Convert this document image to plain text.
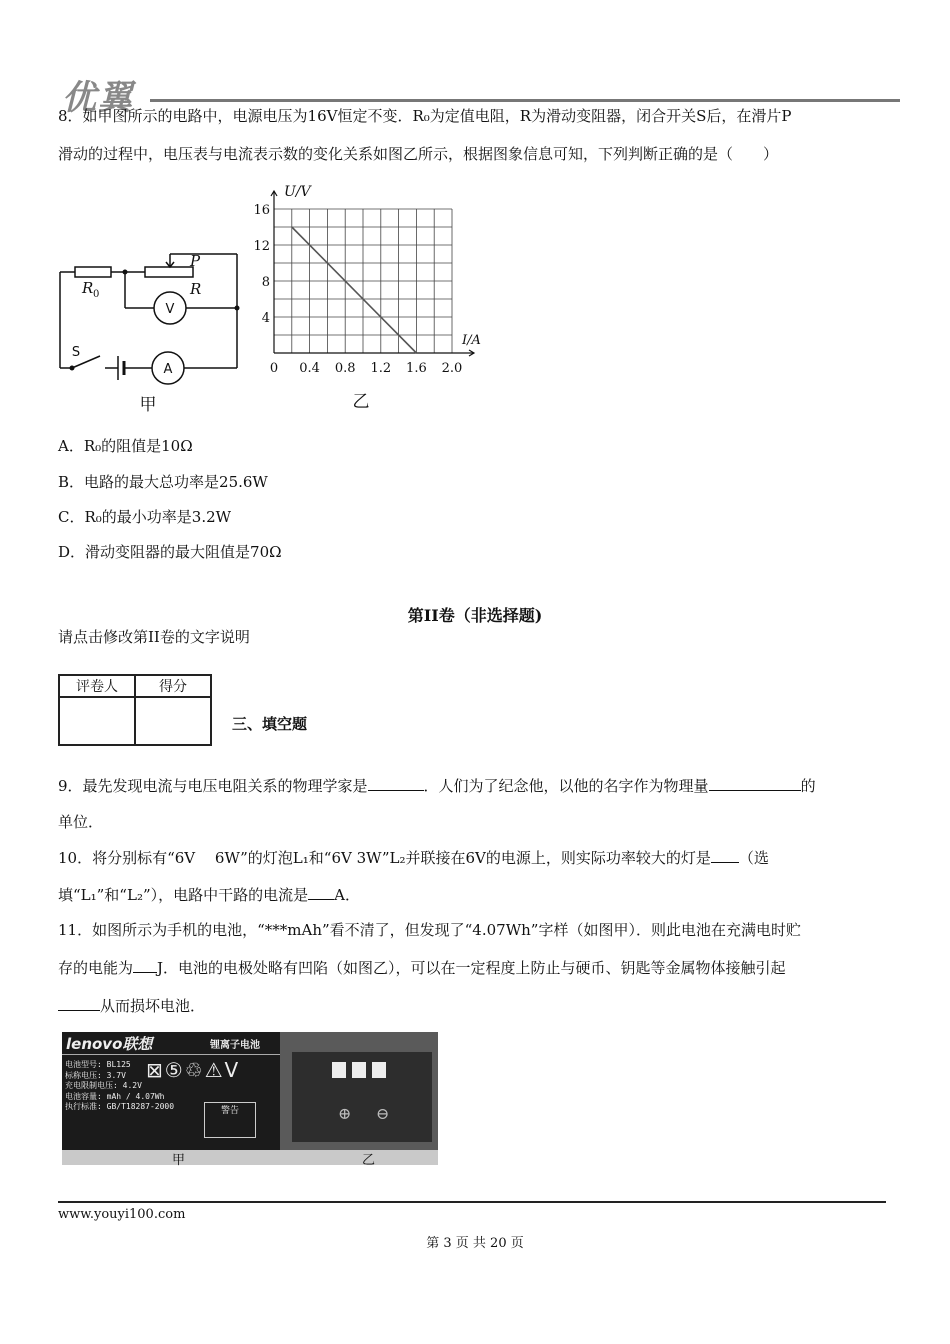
优翼
8．如甲图所示的电路中，电源电压为16V恒定不变．R₀为定值电阻，R为滑动变阻器，闭合开关S后，在滑片P
滑动的过程中，电压表与电流表示数的变化关系如图乙所示，根据图象信息可知，下列判断正确的是（　　）
R 0
P
R
V
A
S
甲
0 0.4 0.8 1.2 1.6 2.0
4
8
12
16
U/V
I/A
乙
A．R₀的阻值是10Ω
B．电路的最大总功率是25.6W
C．R₀的最小功率是3.2W
D．滑动变阻器的最大阻值是70Ω
第II卷（非选择题)
请点击修改第II卷的文字说明
评卷人	得分

三、填空题
9．最先发现电流与电压电阻关系的物理学家是	．人们为了纪念他，以他的名字作为物理量	的
单位．
10．将分别标有“6V　 6W”的灯泡L₁和“6V 3W”L₂并联接在6V的电源上，则实际功率较大的灯是 （选
填“L₁”和“L₂”），电路中干路的电流是 A．
11．如图所示为手机的电池，“***mAh”看不清了，但发现了“4.07Wh”字样（如图甲）．则此电池在充满电时贮
存的电能为 J．电池的电极处略有凹陷（如图乙），可以在一定程度上防止与硬币、钥匙等金属物体接触引起
从而损坏电池．
lenovo联想	锂离子电池
电池型号: BL125
标称电压: 3.7V
充电限制电压: 4.2V
电池容量: mAh / 4.07Wh
执行标准: GB/T18287-2000
⊠⑤♲⚠V
警告	⊕ ⊖
甲	乙
www.youyi100.com
第 3 页 共 20 页
